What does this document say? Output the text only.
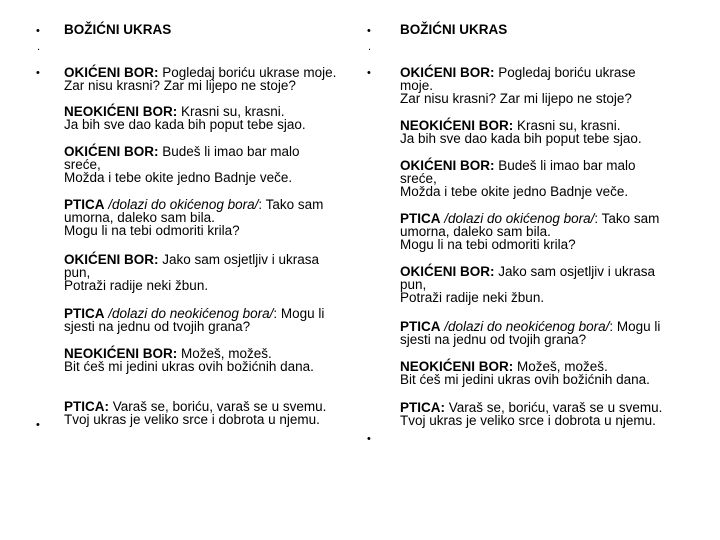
•
.
BOŽIĆNI UKRAS
•
•
OKIĆENI BOR: Pogledaj boriću ukrase moje.
Zar nisu krasni? Zar mi lijepo ne stoje?
NEOKIĆENI BOR: Krasni su, krasni.
Ja bih sve dao kada bih poput tebe sjao.
OKIĆENI BOR: Budeš li imao bar malo
sreće,
Možda i tebe okite jedno Badnje veče.
PTICA /dolazi do okićenog bora/: Tako sam
umorna, daleko sam bila.
Mogu li na tebi odmoriti krila?
OKIĆENI BOR: Jako sam osjetljiv i ukrasa
pun,
Potraži radije neki žbun.
PTICA /dolazi do neokićenog bora/: Mogu li
sjesti na jednu od tvojih grana?
NEOKIĆENI BOR: Možeš, možeš.
Bit ćeš mi jedini ukras ovih božićnih dana.
PTICA: Varaš se, boriću, varaš se u svemu.
Tvoj ukras je veliko srce i dobrota u njemu.
•
.
BOŽIĆNI UKRAS
•
•
OKIĆENI BOR: Pogledaj boriću ukrase
moje.
Zar nisu krasni? Zar mi lijepo ne stoje?
NEOKIĆENI BOR: Krasni su, krasni.
Ja bih sve dao kada bih poput tebe sjao.
OKIĆENI BOR: Budeš li imao bar malo
sreće,
Možda i tebe okite jedno Badnje veče.
PTICA /dolazi do okićenog bora/: Tako sam
umorna, daleko sam bila.
Mogu li na tebi odmoriti krila?
OKIĆENI BOR: Jako sam osjetljiv i ukrasa
pun,
Potraži radije neki žbun.
PTICA /dolazi do neokićenog bora/: Mogu li
sjesti na jednu od tvojih grana?
NEOKIĆENI BOR: Možeš, možeš.
Bit ćeš mi jedini ukras ovih božićnih dana.
PTICA: Varaš se, boriću, varaš se u svemu.
Tvoj ukras je veliko srce i dobrota u njemu.
